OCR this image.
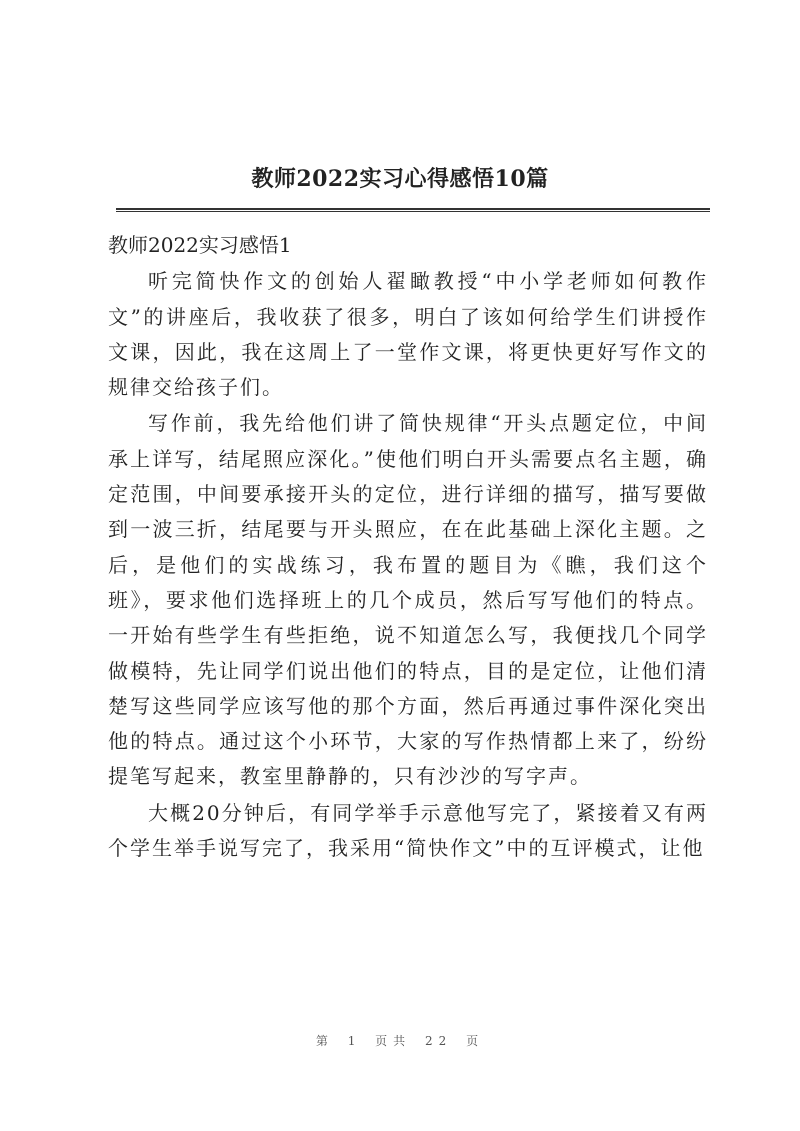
教师2022实习心得感悟10篇

教师2022实习感悟1

听完简快作文的创始人翟瞰教授“中小学老师如何教作文”的讲座后，我收获了很多，明白了该如何给学生们讲授作文课，因此，我在这周上了一堂作文课，将更快更好写作文的规律交给孩子们。

写作前，我先给他们讲了简快规律“开头点题定位，中间承上详写，结尾照应深化。”使他们明白开头需要点名主题，确定范围，中间要承接开头的定位，进行详细的描写，描写要做到一波三折，结尾要与开头照应，在在此基础上深化主题。之后，是他们的实战练习，我布置的题目为《瞧，我们这个班》，要求他们选择班上的几个成员，然后写写他们的特点。一开始有些学生有些拒绝，说不知道怎么写，我便找几个同学做模特，先让同学们说出他们的特点，目的是定位，让他们清楚写这些同学应该写他的那个方面，然后再通过事件深化突出他的特点。通过这个小环节，大家的写作热情都上来了，纷纷提笔写起来，教室里静静的，只有沙沙的写字声。

大概20分钟后，有同学举手示意他写完了，紧接着又有两个学生举手说写完了，我采用“简快作文”中的互评模式，让他

第 1 页共 22 页
